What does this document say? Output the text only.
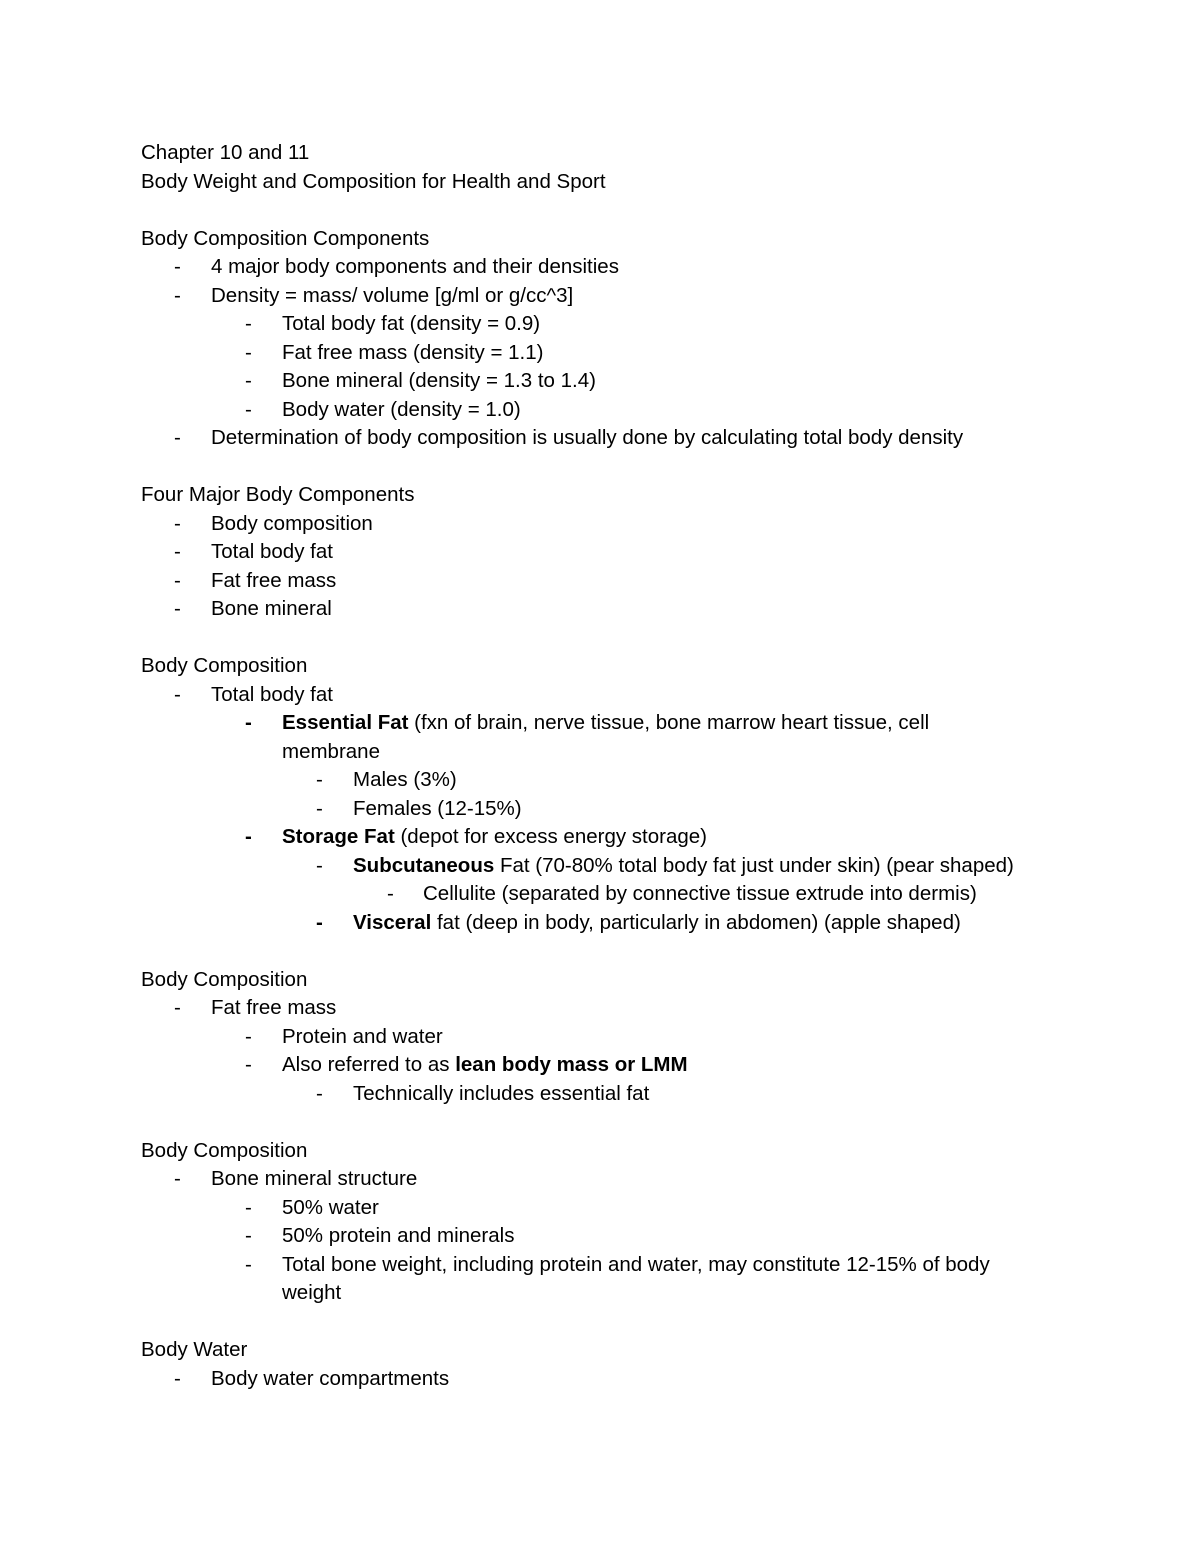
Chapter 10 and 11
Body Weight and Composition for Health and Sport
Body Composition Components
- 4 major body components and their densities
- Density = mass/ volume [g/ml or g/cc^3]
- Total body fat (density = 0.9)
- Fat free mass (density = 1.1)
- Bone mineral (density = 1.3 to 1.4)
- Body water (density = 1.0)
- Determination of body composition is usually done by calculating total body density
Four Major Body Components
- Body composition
- Total body fat
- Fat free mass
- Bone mineral
Body Composition
- Total body fat
- Essential Fat (fxn of brain, nerve tissue, bone marrow heart tissue, cell
membrane
- Males (3%)
- Females (12-15%)
- Storage Fat (depot for excess energy storage)
- Subcutaneous Fat (70-80% total body fat just under skin) (pear shaped)
- Cellulite (separated by connective tissue extrude into dermis)
- Visceral fat (deep in body, particularly in abdomen) (apple shaped)
Body Composition
- Fat free mass
- Protein and water
- Also referred to as lean body mass or LMM
- Technically includes essential fat
Body Composition
- Bone mineral structure
- 50% water
- 50% protein and minerals
- Total bone weight, including protein and water, may constitute 12-15% of body
weight
Body Water
- Body water compartments
